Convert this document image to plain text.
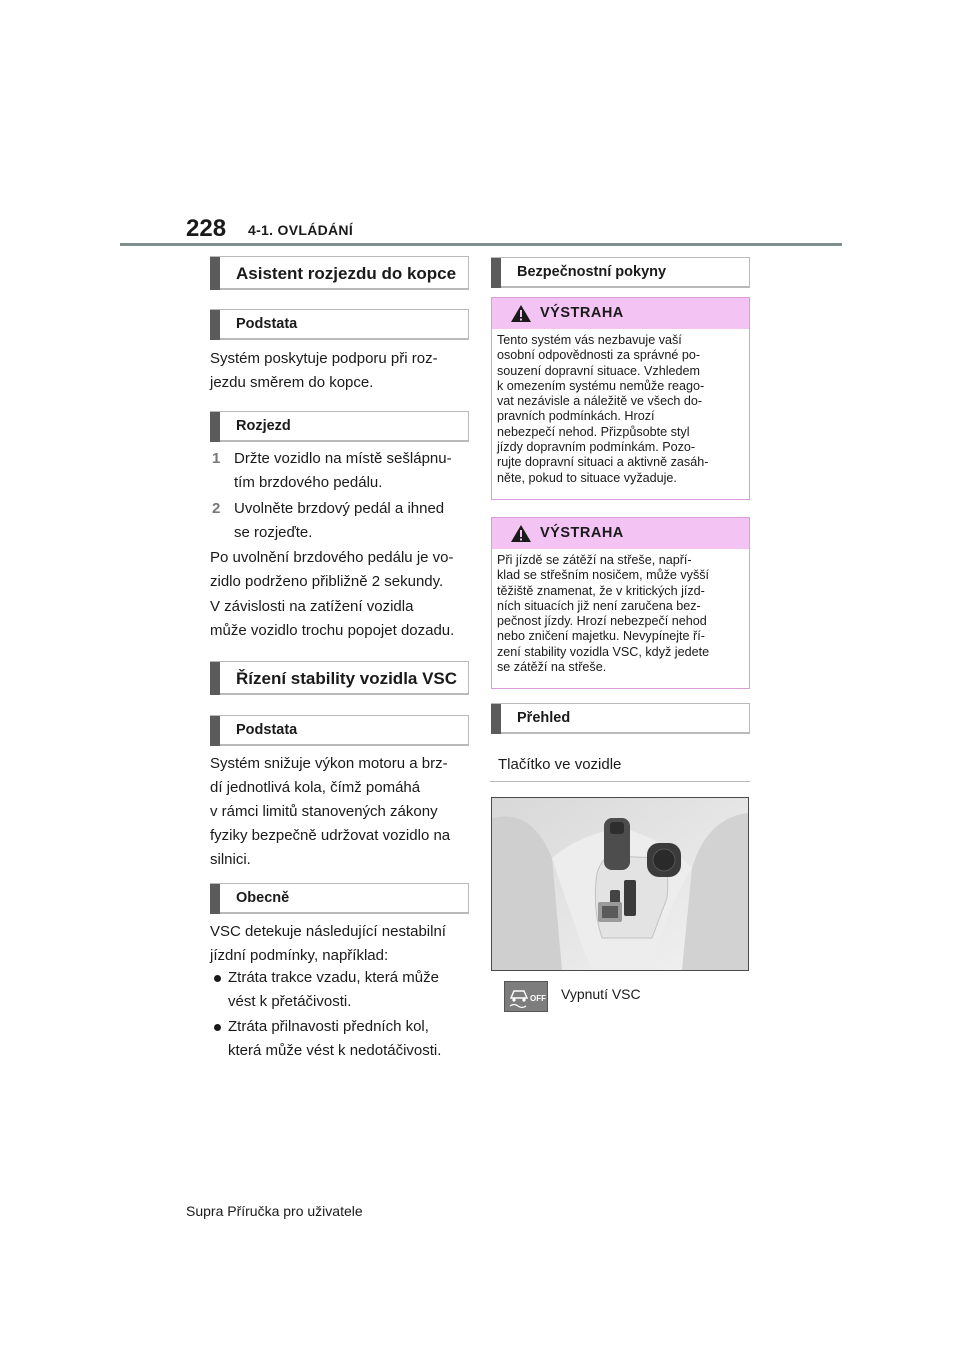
228 4-1. OVLÁDÁNÍ
Asistent rozjezdu do kopce
Podstata
Systém poskytuje podporu při roz-
jezdu směrem do kopce.
Rozjezd
1 Držte vozidlo na místě sešlápnu-
tím brzdového pedálu.
2 Uvolněte brzdový pedál a ihned
se rozjeďte.
Po uvolnění brzdového pedálu je vo-
zidlo podrženo přibližně 2 sekundy.
V závislosti na zatížení vozidla
může vozidlo trochu popojet dozadu.
Řízení stability vozidla VSC
Podstata
Systém snižuje výkon motoru a brz-
dí jednotlivá kola, čímž pomáhá
v rámci limitů stanovených zákony
fyziky bezpečně udržovat vozidlo na
silnici.
Obecně
VSC detekuje následující nestabilní
jízdní podmínky, například:
Ztráta trakce vzadu, která může
vést k přetáčivosti.
Ztráta přilnavosti předních kol,
která může vést k nedotáčivosti.
Bezpečnostní pokyny
VÝSTRAHA
Tento systém vás nezbavuje vaší
osobní odpovědnosti za správné po-
souzení dopravní situace. Vzhledem
k omezením systému nemůže reago-
vat nezávisle a náležitě ve všech do-
pravních podmínkách. Hrozí
nebezpečí nehod. Přizpůsobte styl
jízdy dopravním podmínkám. Pozo-
rujte dopravní situaci a aktivně zasáh-
něte, pokud to situace vyžaduje.
VÝSTRAHA
Při jízdě se zátěží na střeše, napří-
klad se střešním nosičem, může vyšší
těžiště znamenat, že v kritických jízd-
ních situacích již není zaručena bez-
pečnost jízdy. Hrozí nebezpečí nehod
nebo zničení majetku. Nevypínejte ří-
zení stability vozidla VSC, když jedete
se zátěží na střeše.
Přehled
Tlačítko ve vozidle
OFF Vypnutí VSC
Supra Příručka pro uživatele
